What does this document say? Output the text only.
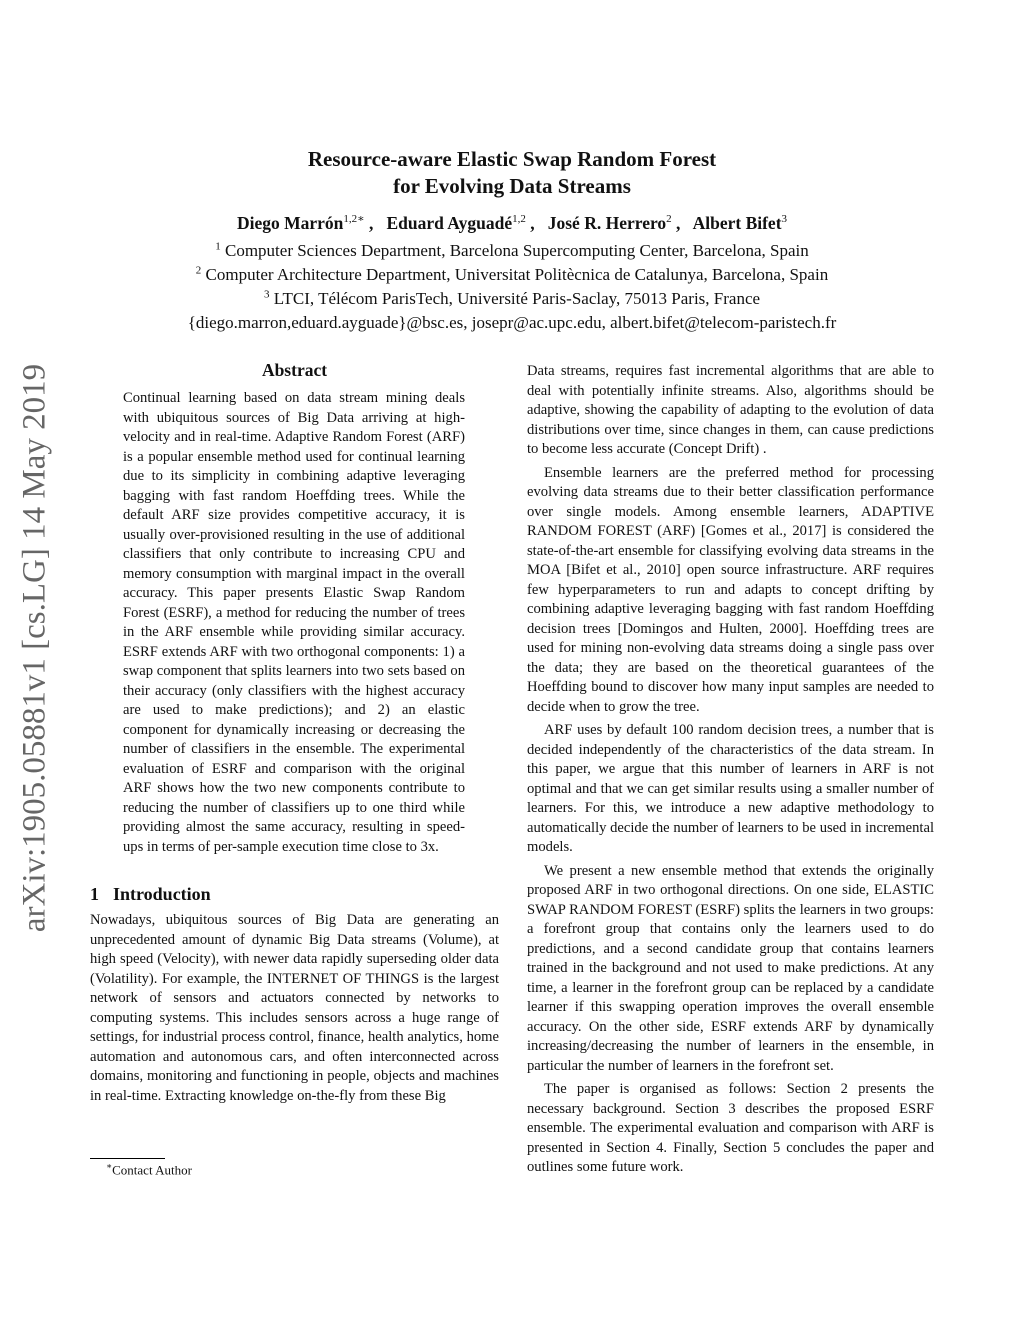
arXiv:1905.05881v1 [cs.LG] 14 May 2019
Resource-aware Elastic Swap Random Forest
for Evolving Data Streams
Diego Marrón$^{1,2∗}$ ,   Eduard Ayguadé$^{1,2}$ ,   José R. Herrero$^2$ ,   Albert Bifet$^3$
$^1$ Computer Sciences Department, Barcelona Supercomputing Center, Barcelona, Spain
$^2$ Computer Architecture Department, Universitat Politècnica de Catalunya, Barcelona, Spain
$^3$ LTCI, Télécom ParisTech, Université Paris-Saclay, 75013 Paris, France
{diego.marron,eduard.ayguade}@bsc.es, josepr@ac.upc.edu, albert.bifet@telecom-paristech.fr
Abstract
Continual learning based on data stream mining deals with ubiquitous sources of Big Data arriving at high-velocity and in real-time. Adaptive Random Forest (ARF) is a popular ensemble method used for continual learning due to its simplicity in combining adaptive leveraging bagging with fast random Hoeffding trees. While the default ARF size provides competitive accuracy, it is usually over-provisioned resulting in the use of additional classifiers that only contribute to increasing CPU and memory consumption with marginal impact in the overall accuracy. This paper presents Elastic Swap Random Forest (ESRF), a method for reducing the number of trees in the ARF ensemble while providing similar accuracy. ESRF extends ARF with two orthogonal components: 1) a swap component that splits learners into two sets based on their accuracy (only classifiers with the highest accuracy are used to make predictions); and 2) an elastic component for dynamically increasing or decreasing the number of classifiers in the ensemble. The experimental evaluation of ESRF and comparison with the original ARF shows how the two new components contribute to reducing the number of classifiers up to one third while providing almost the same accuracy, resulting in speed-ups in terms of per-sample execution time close to 3x.
1 Introduction

Nowadays, ubiquitous sources of Big Data are generating an unprecedented amount of dynamic Big Data streams (Volume), at high speed (Velocity), with newer data rapidly superseding older data (Volatility). For example, the INTERNET OF THINGS is the largest network of sensors and actuators connected by networks to computing systems. This includes sensors across a huge range of settings, for industrial process control, finance, health analytics, home automation and autonomous cars, and often interconnected across domains, monitoring and functioning in people, objects and machines in real-time. Extracting knowledge on-the-fly from these Big

Data streams, requires fast incremental algorithms that are able to deal with potentially infinite streams. Also, algorithms should be adaptive, showing the capability of adapting to the evolution of data distributions over time, since changes in them, can cause predictions to become less accurate (Concept Drift) .

Ensemble learners are the preferred method for processing evolving data streams due to their better classification performance over single models. Among ensemble learners, ADAPTIVE RANDOM FOREST (ARF) [Gomes et al., 2017] is considered the state-of-the-art ensemble for classifying evolving data streams in the MOA [Bifet et al., 2010] open source infrastructure. ARF requires few hyperparameters to run and adapts to concept drifting by combining adaptive leveraging bagging with fast random Hoeffding decision trees [Domingos and Hulten, 2000]. Hoeffding trees are used for mining non-evolving data streams doing a single pass over the data; they are based on the theoretical guarantees of the Hoeffding bound to discover how many input samples are needed to decide when to grow the tree.

ARF uses by default 100 random decision trees, a number that is decided independently of the characteristics of the data stream. In this paper, we argue that this number of learners in ARF is not optimal and that we can get similar results using a smaller number of learners. For this, we introduce a new adaptive methodology to automatically decide the number of learners to be used in incremental models.

We present a new ensemble method that extends the originally proposed ARF in two orthogonal directions. On one side, ELASTIC SWAP RANDOM FOREST (ESRF) splits the learners in two groups: a forefront group that contains only the learners used to do predictions, and a second candidate group that contains learners trained in the background and not used to make predictions. At any time, a learner in the forefront group can be replaced by a candidate learner if this swapping operation improves the overall ensemble accuracy. On the other side, ESRF extends ARF by dynamically increasing/decreasing the number of learners in the ensemble, in particular the number of learners in the forefront set.

The paper is organised as follows: Section 2 presents the necessary background. Section 3 describes the proposed ESRF ensemble. The experimental evaluation and comparison with ARF is presented in Section 4. Finally, Section 5 concludes the paper and outlines some future work.

∗Contact Author
